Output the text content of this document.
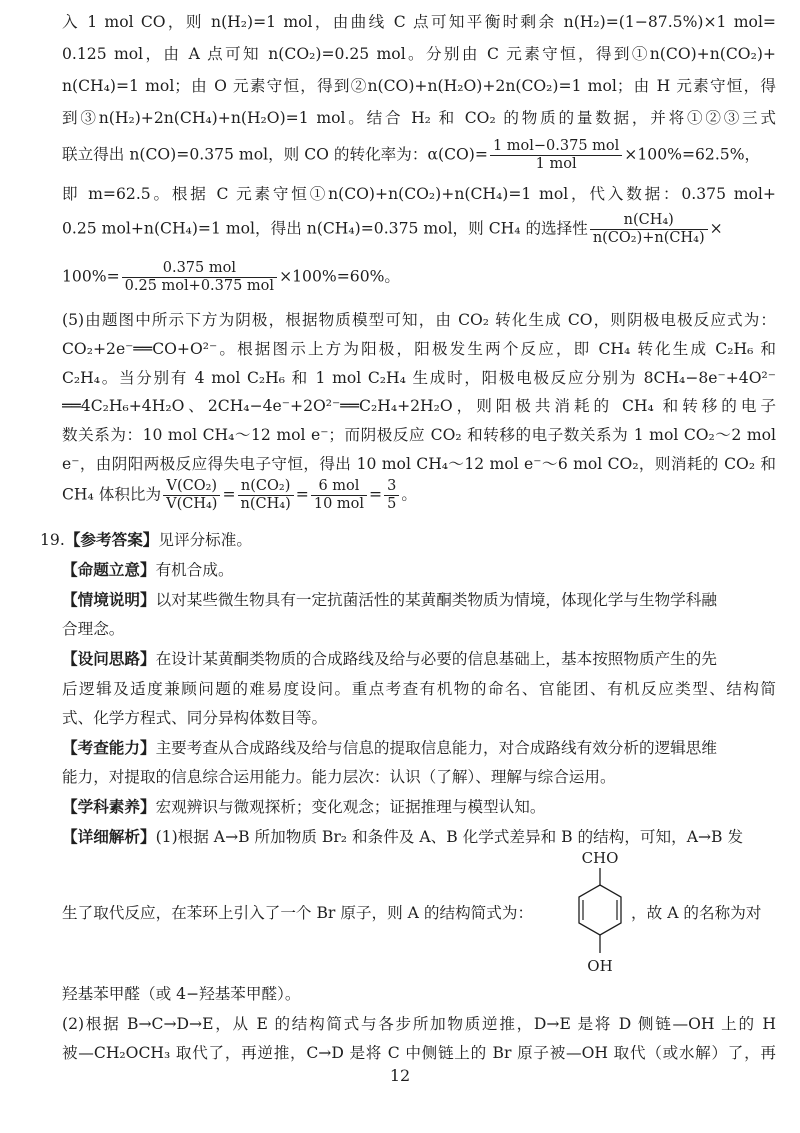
入 1 mol CO，则 n(H₂)=1 mol，由曲线 C 点可知平衡时剩余 n(H₂)=(1−87.5%)×1 mol=
0.125 mol，由 A 点可知 n(CO₂)=0.25 mol。分别由 C 元素守恒，得到①n(CO)+n(CO₂)+
n(CH₄)=1 mol；由 O 元素守恒，得到②n(CO)+n(H₂O)+2n(CO₂)=1 mol；由 H 元素守恒，得
到③n(H₂)+2n(CH₄)+n(H₂O)=1 mol。结合 H₂ 和 CO₂ 的物质的量数据，并将①②③三式
联立得出 n(CO)=0.375 mol，则 CO 的转化率为：$\alpha(CO)= \frac{\text{1 mol−0.375 mol}}{\text{1 mol}} \times 100\%=62.5\%$，
即 m=62.5。根据 C 元素守恒①n(CO)+n(CO₂)+n(CH₄)=1 mol，代入数据：0.375 mol+
0.25 mol+n(CH₄)=1 mol，得出 n(CH₄)=0.375 mol，则 CH₄ 的选择性 $\frac{\text{n(CH₄)}}{\text{n(CO₂)+n(CH₄)}}$ ×
$100\%= \frac{\text{0.375 mol}}{\text{0.25 mol+0.375 mol}} \times 100\%=60\%$。
(5)由题图中所示下方为阴极，根据物质模型可知，由 CO₂ 转化生成 CO，则阴极电极反应式为：
CO₂+2e⁻══CO+O²⁻。根据图示上方为阳极，阳极发生两个反应，即 CH₄ 转化生成 C₂H₆ 和
C₂H₄。当分别有 4 mol C₂H₆ 和 1 mol C₂H₄ 生成时，阳极电极反应分别为 8CH₄−8e⁻+4O²⁻
══4C₂H₆+4H₂O、2CH₄−4e⁻+2O²⁻══C₂H₄+2H₂O，则阳极共消耗的 CH₄ 和转移的电子
数关系为：10 mol CH₄～12 mol e⁻；而阴极反应 CO₂ 和转移的电子数关系为 1 mol CO₂～2 mol
e⁻，由阴阳两极反应得失电子守恒，得出 10 mol CH₄～12 mol e⁻～6 mol CO₂，则消耗的 CO₂ 和
CH₄ 体积比为 $\frac{\text{V(CO₂)}}{\text{V(CH₄)}} = \frac{\text{n(CO₂)}}{\text{n(CH₄)}} = \frac{\text{6 mol}}{\text{10 mol}} = \frac{3}{5}$ 。
19.【参考答案】见评分标准。
【命题立意】有机合成。
【情境说明】以对某些微生物具有一定抗菌活性的某黄酮类物质为情境，体现化学与生物学科融
合理念。
【设问思路】在设计某黄酮类物质的合成路线及给与必要的信息基础上，基本按照物质产生的先
后逻辑及适度兼顾问题的难易度设问。重点考查有机物的命名、官能团、有机反应类型、结构简
式、化学方程式、同分异构体数目等。
【考查能力】主要考查从合成路线及给与信息的提取信息能力，对合成路线有效分析的逻辑思维
能力，对提取的信息综合运用能力。能力层次：认识（了解）、理解与综合运用。
【学科素养】宏观辨识与微观探析；变化观念；证据推理与模型认知。
【详细解析】(1)根据 A→B 所加物质 Br₂ 和条件及 A、B 化学式差异和 B 的结构，可知，A→B 发
生了取代反应，在苯环上引入了一个 Br 原子，则 A 的结构简式为：	，故 A 的名称为对
CHO
OH
羟基苯甲醛（或 4−羟基苯甲醛）。
(2)根据 B→C→D→E，从 E 的结构简式与各步所加物质逆推，D→E 是将 D 侧链—OH 上的 H
被—CH₂OCH₃ 取代了，再逆推，C→D 是将 C 中侧链上的 Br 原子被—OH 取代（或水解）了，再
12
